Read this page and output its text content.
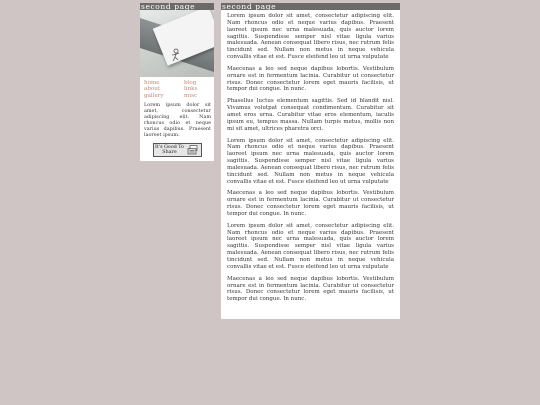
second page
home	blog
about	links
gallery	misc
Lorem ipsum dolor sit amet, consectetur adipiscing elit. Nam rhoncus odio et neque varius dapibus. Praesent laoreet ipsum.
It's Good To
Share
second page

Lorem ipsum dolor sit amet, consectetur adipiscing elit. Nam rhoncus odio et neque varius dapibus. Praesent laoreet ipsum nec urna malesuada, quis auctor lorem sagittis. Suspendisse semper nisl vitae ligula varius malesuada. Aenean consequat libero risus, nec rutrum felis tincidunt sed. Nullam non metus in neque vehicula convallis vitae et est. Fusce eleifend leo ut urna vulputate

Maecenas a leo sed neque dapibus lobortis. Vestibulum ornare est in fermentum lacinia. Curabitur ut consectetur risus. Donec consectetur lorem eget mauris facilisis, ut tempor dui congue. In nunc.

Phasellus luctus elementum sagittis. Sed id blandit nisl. Vivamus volutpat consequat condimentum. Curabitur sit amet eros urna. Curabitur vitae eros elementum, iaculis ipsum eu, tempus massa. Nullam turpis metus, mollis non mi sit amet, ultrices pharetra orci.

Lorem ipsum dolor sit amet, consectetur adipiscing elit. Nam rhoncus odio et neque varius dapibus. Praesent laoreet ipsum nec urna malesuada, quis auctor lorem sagittis. Suspendisse semper nisl vitae ligula varius malesuada. Aenean consequat libero risus, nec rutrum felis tincidunt sed. Nullam non metus in neque vehicula convallis vitae et est. Fusce eleifend leo ut urna vulputate

Maecenas a leo sed neque dapibus lobortis. Vestibulum ornare est in fermentum lacinia. Curabitur ut consectetur risus. Donec consectetur lorem eget mauris facilisis, ut tempor dui congue. In nunc.

Lorem ipsum dolor sit amet, consectetur adipiscing elit. Nam rhoncus odio et neque varius dapibus. Praesent laoreet ipsum nec urna malesuada, quis auctor lorem sagittis. Suspendisse semper nisl vitae ligula varius malesuada. Aenean consequat libero risus, nec rutrum felis tincidunt sed. Nullam non metus in neque vehicula convallis vitae et est. Fusce eleifend leo ut urna vulputate

Maecenas a leo sed neque dapibus lobortis. Vestibulum ornare est in fermentum lacinia. Curabitur ut consectetur risus. Donec consectetur lorem eget mauris facilisis, ut tempor dui congue. In nunc.
